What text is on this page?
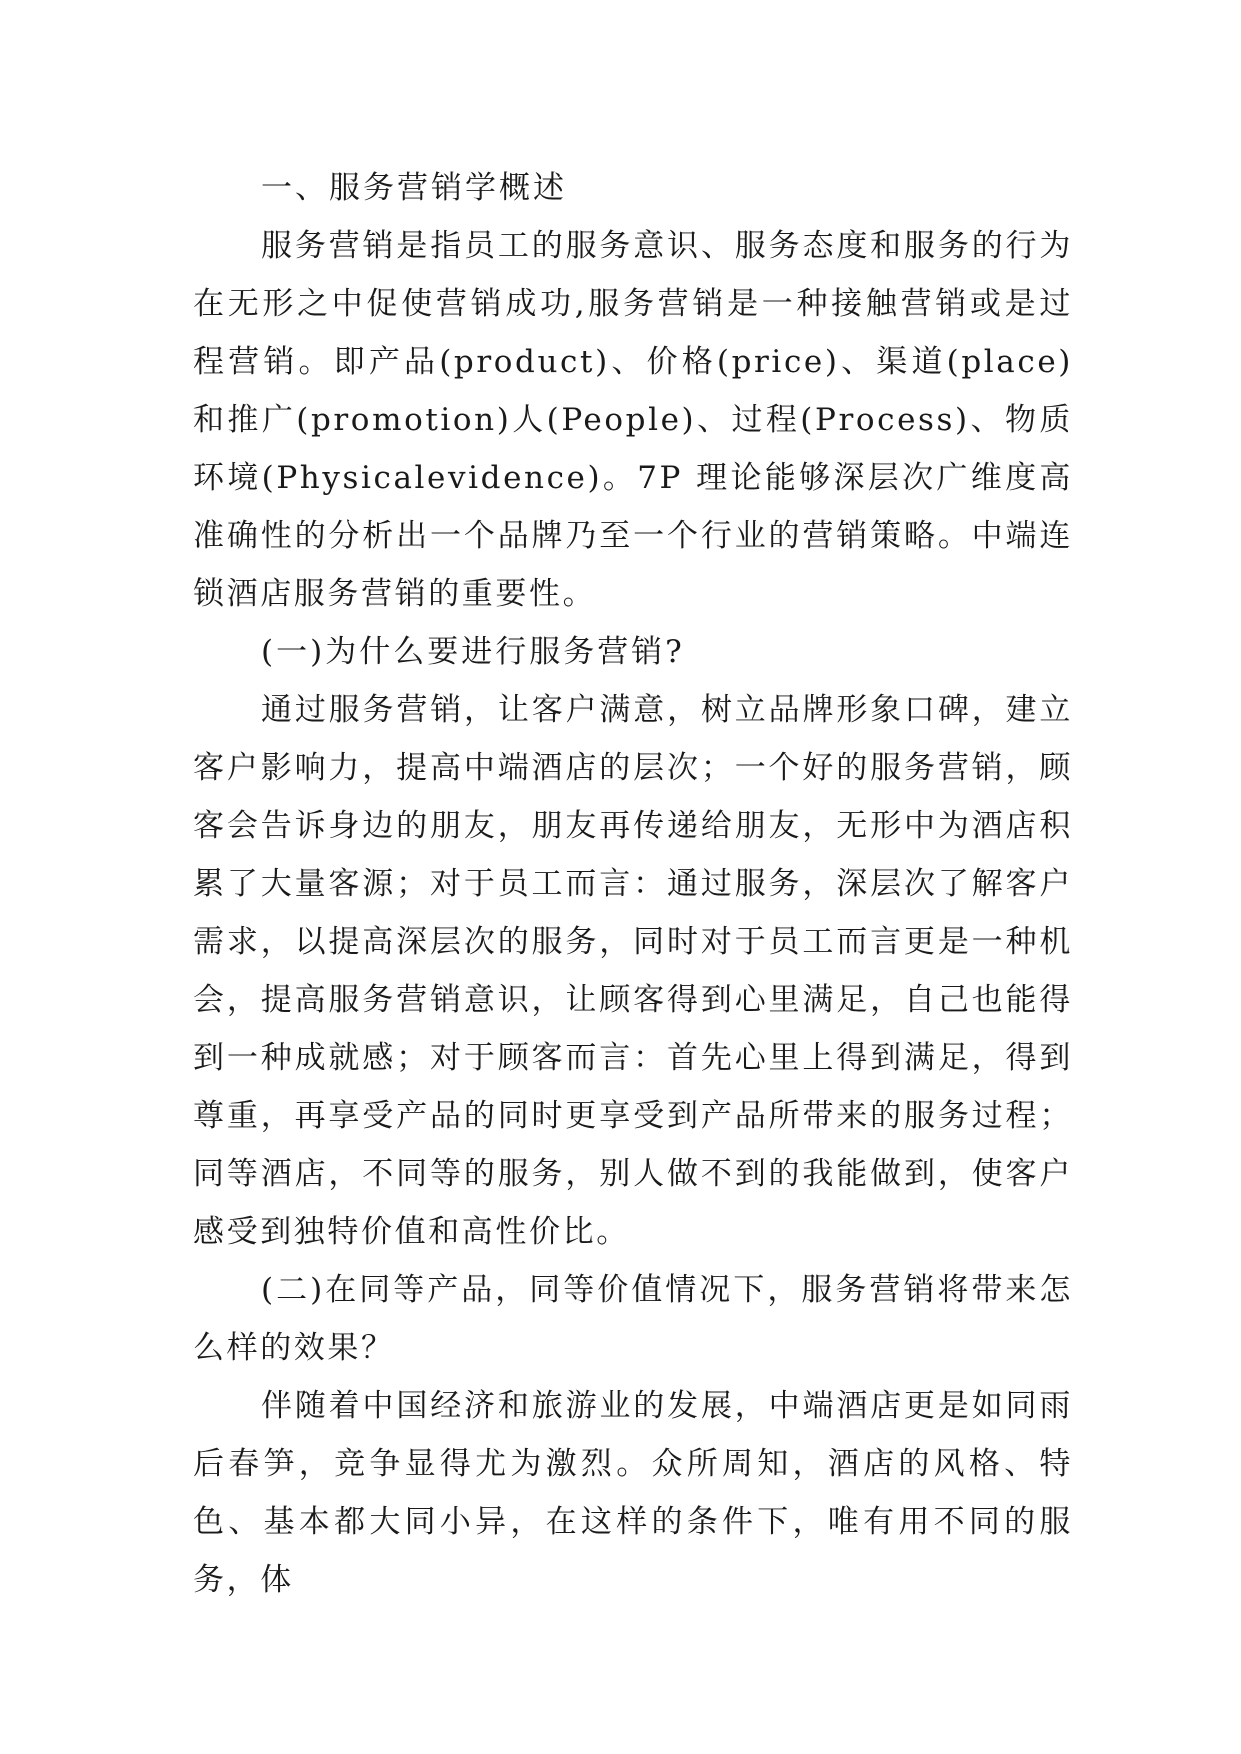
一、服务营销学概述

服务营销是指员工的服务意识、服务态度和服务的行为在无形之中促使营销成功,服务营销是一种接触营销或是过程营销。即产品(product)、价格(price)、渠道(place)和推广(promotion)人(People)、过程(Process)、物质环境(Physicalevidence)。7P 理论能够深层次广维度高准确性的分析出一个品牌乃至一个行业的营销策略。中端连锁酒店服务营销的重要性。

(一)为什么要进行服务营销?

通过服务营销，让客户满意，树立品牌形象口碑，建立客户影响力，提高中端酒店的层次；一个好的服务营销，顾客会告诉身边的朋友，朋友再传递给朋友，无形中为酒店积累了大量客源；对于员工而言：通过服务，深层次了解客户需求，以提高深层次的服务，同时对于员工而言更是一种机会，提高服务营销意识，让顾客得到心里满足，自己也能得到一种成就感；对于顾客而言：首先心里上得到满足，得到尊重，再享受产品的同时更享受到产品所带来的服务过程；同等酒店，不同等的服务，别人做不到的我能做到，使客户感受到独特价值和高性价比。

(二)在同等产品，同等价值情况下，服务营销将带来怎么样的效果？

伴随着中国经济和旅游业的发展，中端酒店更是如同雨后春笋，竞争显得尤为激烈。众所周知，酒店的风格、特色、基本都大同小异，在这样的条件下，唯有用不同的服务，体
